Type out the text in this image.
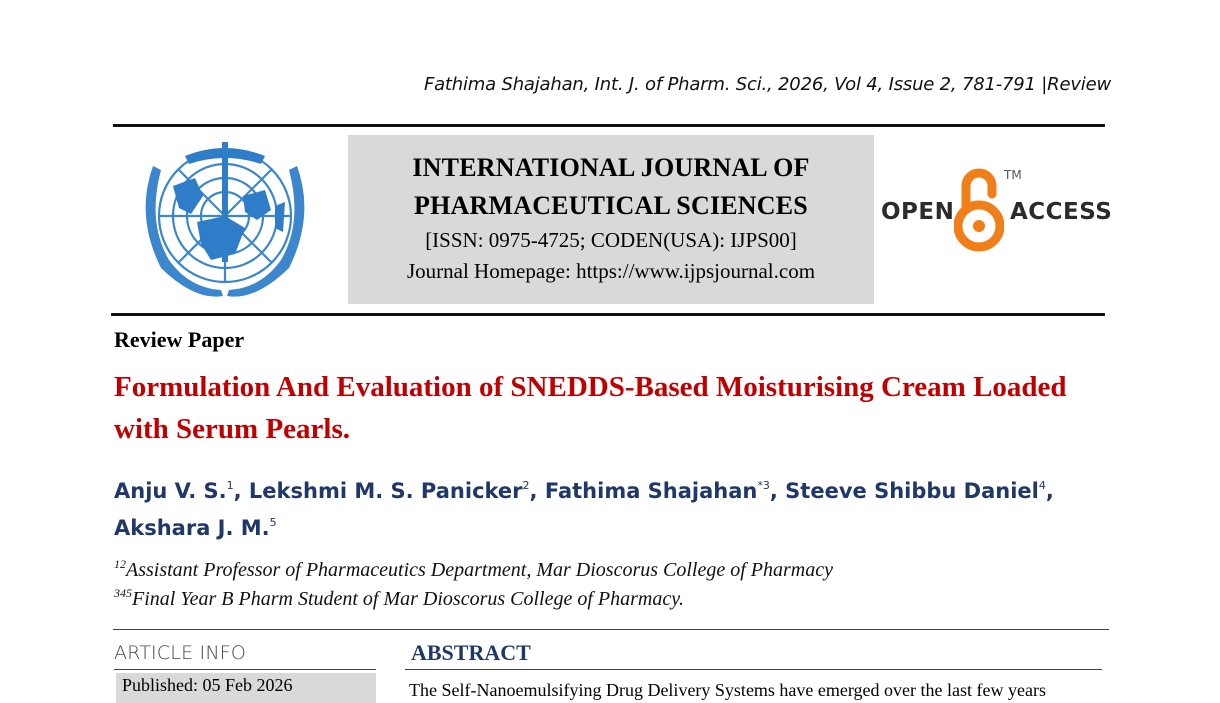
Fathima Shajahan, Int. J. of Pharm. Sci., 2026, Vol 4, Issue 2, 781-791 |Review
INTERNATIONAL JOURNAL OF
PHARMACEUTICAL SCIENCES
[ISSN: 0975-4725; CODEN(USA): IJPS00]
Journal Homepage: https://www.ijpsjournal.com
OPEN
TM
ACCESS
Review Paper
Formulation And Evaluation of SNEDDS-Based Moisturising Cream Loaded with Serum Pearls.
Anju V. S.$^1$, Lekshmi M. S. Panicker$^2$, Fathima Shajahan$^{*3}$, Steeve Shibbu Daniel$^4$,
Akshara J. M.$^5$
$^{12}$Assistant Professor of Pharmaceutics Department, Mar Dioscorus College of Pharmacy
$^{345}$Final Year B Pharm Student of Mar Dioscorus College of Pharmacy.
ARTICLE INFO
Published: 05 Feb 2026
ABSTRACT
The Self-Nanoemulsifying Drug Delivery Systems have emerged over the last few years
